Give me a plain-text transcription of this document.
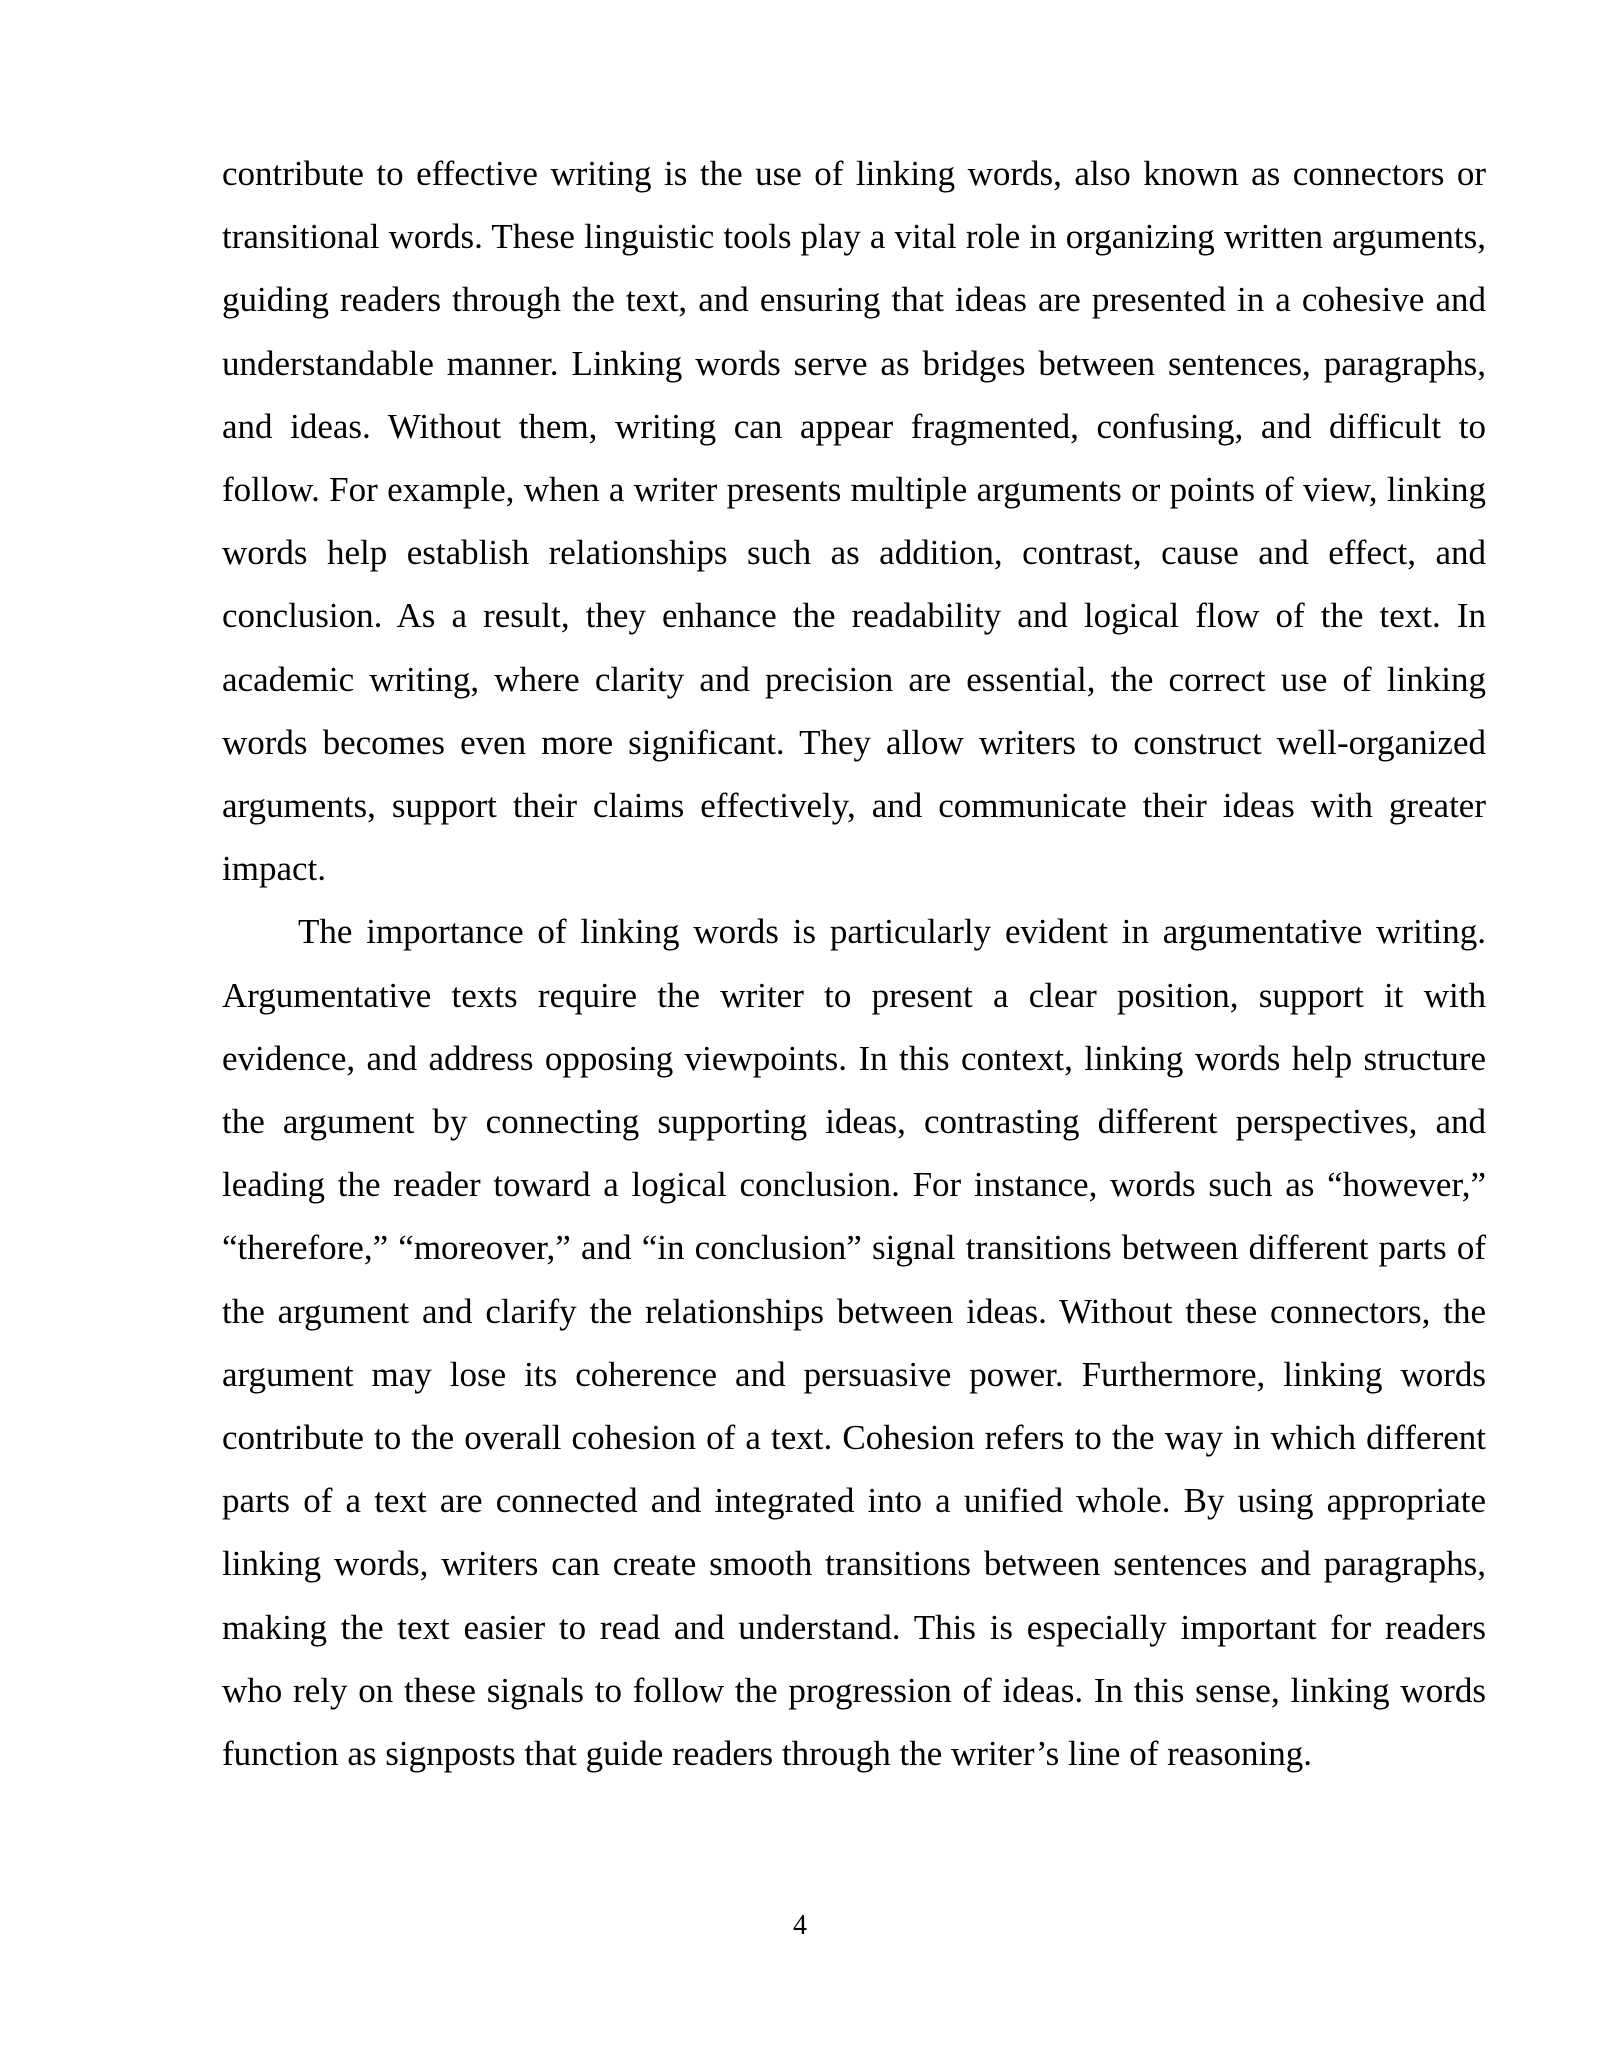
contribute to effective writing is the use of linking words, also known as connectors or transitional words. These linguistic tools play a vital role in organizing written arguments, guiding readers through the text, and ensuring that ideas are presented in a cohesive and understandable manner. Linking words serve as bridges between sentences, paragraphs, and ideas. Without them, writing can appear fragmented, confusing, and difficult to follow. For example, when a writer presents multiple arguments or points of view, linking words help establish relationships such as addition, contrast, cause and effect, and conclusion. As a result, they enhance the readability and logical flow of the text. In academic writing, where clarity and precision are essential, the correct use of linking words becomes even more significant. They allow writers to construct well-organized arguments, support their claims effectively, and communicate their ideas with greater impact.

The importance of linking words is particularly evident in argumentative writing. Argumentative texts require the writer to present a clear position, support it with evidence, and address opposing viewpoints. In this context, linking words help structure the argument by connecting supporting ideas, contrasting different perspectives, and leading the reader toward a logical conclusion. For instance, words such as “however,” “therefore,” “moreover,” and “in conclusion” signal transitions between different parts of the argument and clarify the relationships between ideas. Without these connectors, the argument may lose its coherence and persuasive power. Furthermore, linking words contribute to the overall cohesion of a text. Cohesion refers to the way in which different parts of a text are connected and integrated into a unified whole. By using appropriate linking words, writers can create smooth transitions between sentences and paragraphs, making the text easier to read and understand. This is especially important for readers who rely on these signals to follow the progression of ideas. In this sense, linking words function as signposts that guide readers through the writer’s line of reasoning.

4
